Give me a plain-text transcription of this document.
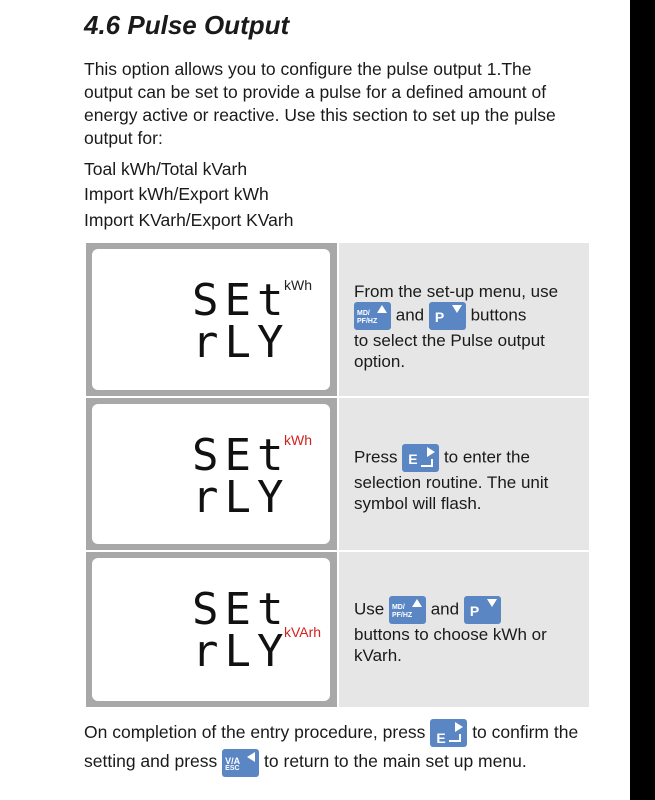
4.6 Pulse Output

This option allows you to configure the pulse output 1.The output can be set to provide a pulse for a defined amount of energy active or reactive. Use this section to set up the pulse output for:

Toal kWh/Total kVarh

Import kWh/Export kWh

Import KVarh/Export KVarh

SEt
rLY
kWh From the set-up menu, use
MD/
PF/HZ and P buttons
to select the Pulse output option.
SEt
rLY
kWh
Press E to enter the selection routine. The unit symbol will flash.
SEt
rLY
kVArh
Use MD/
PF/HZ and P
buttons to choose kWh or kVarh.

On completion of the entry procedure, press E to confirm the setting and press V/A
ESC to return to the main set up menu.
